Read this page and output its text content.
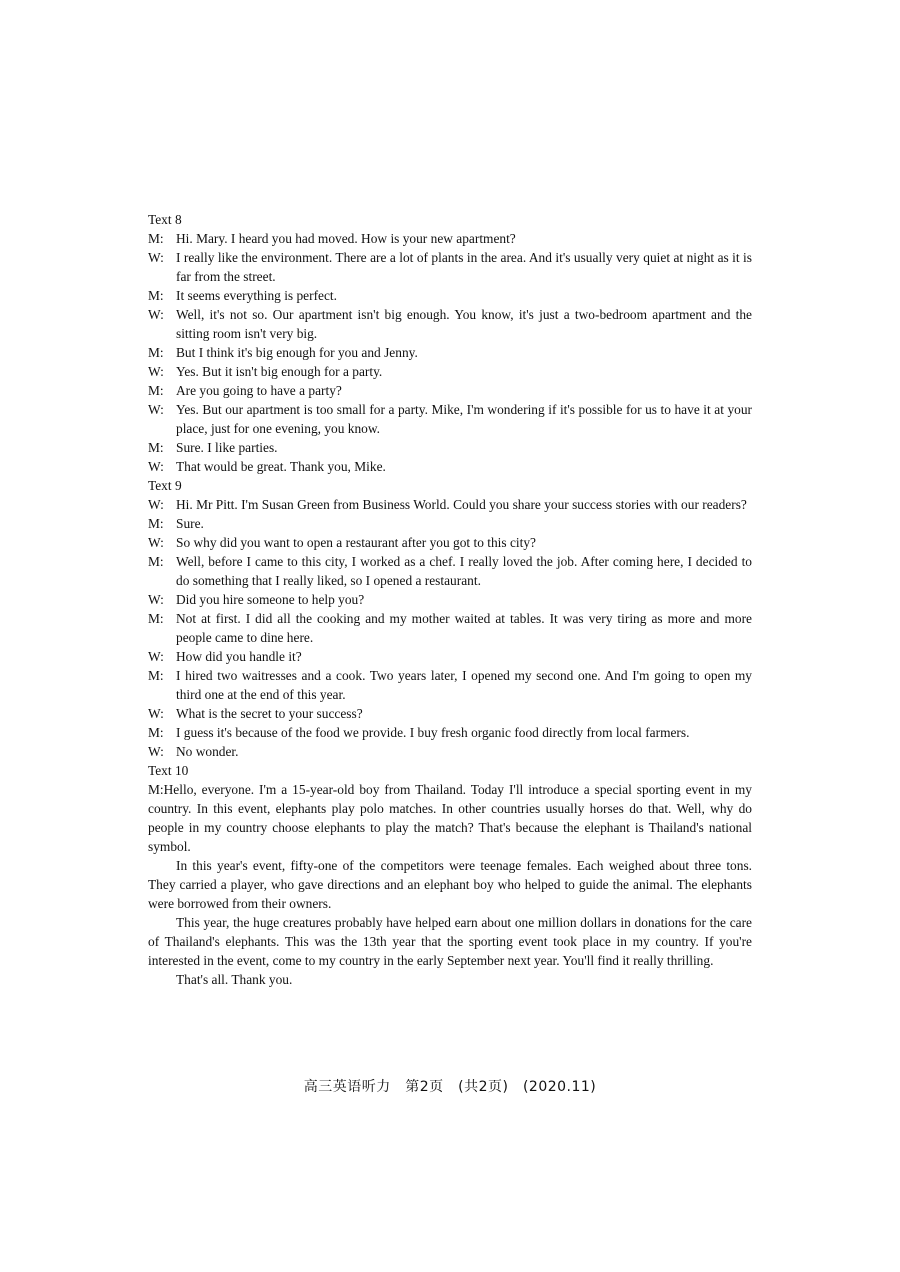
Text 8
M: Hi. Mary. I heard you had moved. How is your new apartment?
W: I really like the environment. There are a lot of plants in the area. And it's usually very quiet at night as it is far from the street.
M: It seems everything is perfect.
W: Well, it's not so. Our apartment isn't big enough. You know, it's just a two-bedroom apartment and the sitting room isn't very big.
M: But I think it's big enough for you and Jenny.
W: Yes. But it isn't big enough for a party.
M: Are you going to have a party?
W: Yes. But our apartment is too small for a party. Mike, I'm wondering if it's possible for us to have it at your place, just for one evening, you know.
M: Sure. I like parties.
W: That would be great. Thank you, Mike.
Text 9
W: Hi. Mr Pitt. I'm Susan Green from Business World. Could you share your success stories with our readers?
M: Sure.
W: So why did you want to open a restaurant after you got to this city?
M: Well, before I came to this city, I worked as a chef. I really loved the job. After coming here, I decided to do something that I really liked, so I opened a restaurant.
W: Did you hire someone to help you?
M: Not at first. I did all the cooking and my mother waited at tables. It was very tiring as more and more people came to dine here.
W: How did you handle it?
M: I hired two waitresses and a cook. Two years later, I opened my second one. And I'm going to open my third one at the end of this year.
W: What is the secret to your success?
M: I guess it's because of the food we provide. I buy fresh organic food directly from local farmers.
W: No wonder.
Text 10
M:Hello, everyone. I'm a 15-year-old boy from Thailand. Today I'll introduce a special sporting event in my country. In this event, elephants play polo matches. In other countries usually horses do that. Well, why do people in my country choose elephants to play the match? That's because the elephant is Thailand's national symbol.
In this year's event, fifty-one of the competitors were teenage females. Each weighed about three tons. They carried a player, who gave directions and an elephant boy who helped to guide the animal. The elephants were borrowed from their owners.
This year, the huge creatures probably have helped earn about one million dollars in donations for the care of Thailand's elephants. This was the 13th year that the sporting event took place in my country. If you're interested in the event, come to my country in the early September next year. You'll find it really thrilling.
That's all. Thank you.
高三英语听力　第2页　(共2页)　(2020.11)
